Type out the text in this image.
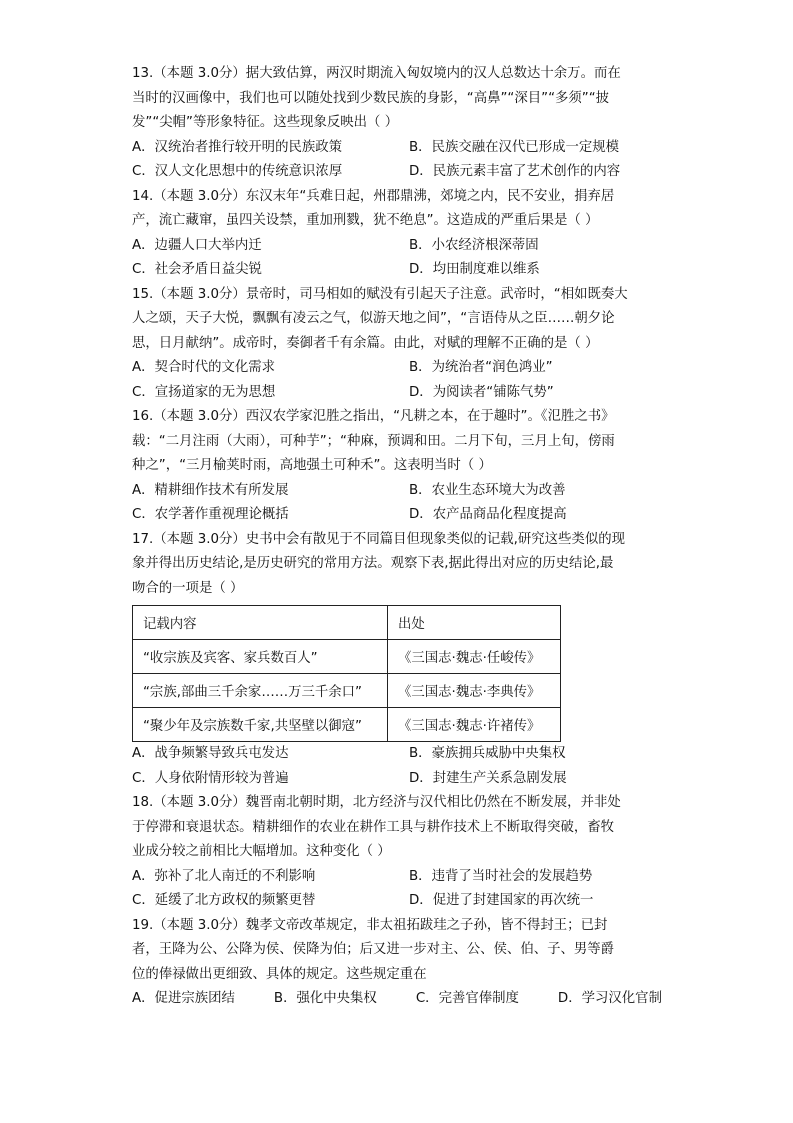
13.（本题 3.0分）据大致估算，两汉时期流入匈奴境内的汉人总数达十余万。而在

当时的汉画像中，我们也可以随处找到少数民族的身影，“高鼻”“深目”“多须”“披

发”“尖帽”等形象特征。这些现象反映出（ ）

A．汉统治者推行较开明的民族政策	B．民族交融在汉代已形成一定规模
C．汉人文化思想中的传统意识浓厚	D．民族元素丰富了艺术创作的内容

14.（本题 3.0分）东汉末年“兵难日起，州郡鼎沸，郊境之内，民不安业，捐弃居

产，流亡藏窜，虽四关设禁，重加刑戮，犹不绝息”。这造成的严重后果是（ ）

A．边疆人口大举内迁	B．小农经济根深蒂固
C．社会矛盾日益尖锐	D．均田制度难以维系

15.（本题 3.0分）景帝时，司马相如的赋没有引起天子注意。武帝时，“相如既奏大

人之颂，天子大悦，飘飘有凌云之气，似游天地之间”，“言语侍从之臣……朝夕论

思，日月献纳”。成帝时，奏御者千有余篇。由此，对赋的理解不正确的是（ ）

A．契合时代的文化需求	B．为统治者“润色鸿业”
C．宣扬道家的无为思想	D．为阅读者“铺陈气势”

16.（本题 3.0分）西汉农学家氾胜之指出，“凡耕之本，在于趣时”。《氾胜之书》

载：“二月注雨（大雨），可种芋”；“种麻，预调和田。二月下旬，三月上旬，傍雨

种之”，“三月榆荚时雨，高地强土可种禾”。这表明当时（ ）

A．精耕细作技术有所发展	B．农业生态环境大为改善
C．农学著作重视理论概括	D．农产品商品化程度提高

17.（本题 3.0分）史书中会有散见于不同篇目但现象类似的记载,研究这些类似的现

象并得出历史结论,是历史研究的常用方法。观察下表,据此得出对应的历史结论,最

吻合的一项是（ ）

记载内容	出处
“收宗族及宾客、家兵数百人”	《三国志·魏志·任峻传》
“宗族,部曲三千余家……万三千余口”	《三国志·魏志·李典传》
“聚少年及宗族数千家,共坚壁以御寇”	《三国志·魏志·许褚传》
A．战争频繁导致兵屯发达	B．豪族拥兵威胁中央集权
C．人身依附情形较为普遍	D．封建生产关系急剧发展

18.（本题 3.0分）魏晋南北朝时期，北方经济与汉代相比仍然在不断发展，并非处

于停滞和衰退状态。精耕细作的农业在耕作工具与耕作技术上不断取得突破，畜牧

业成分较之前相比大幅增加。这种变化（ ）

A．弥补了北人南迁的不利影响	B．违背了当时社会的发展趋势
C．延缓了北方政权的频繁更替	D．促进了封建国家的再次统一

19.（本题 3.0分）魏孝文帝改革规定，非太祖拓跋珪之子孙，皆不得封王；已封

者，王降为公、公降为侯、侯降为伯；后又进一步对主、公、侯、伯、子、男等爵

位的俸禄做出更细致、具体的规定。这些规定重在

A．促进宗族团结	B．强化中央集权	C．完善官俸制度	D．学习汉化官制
